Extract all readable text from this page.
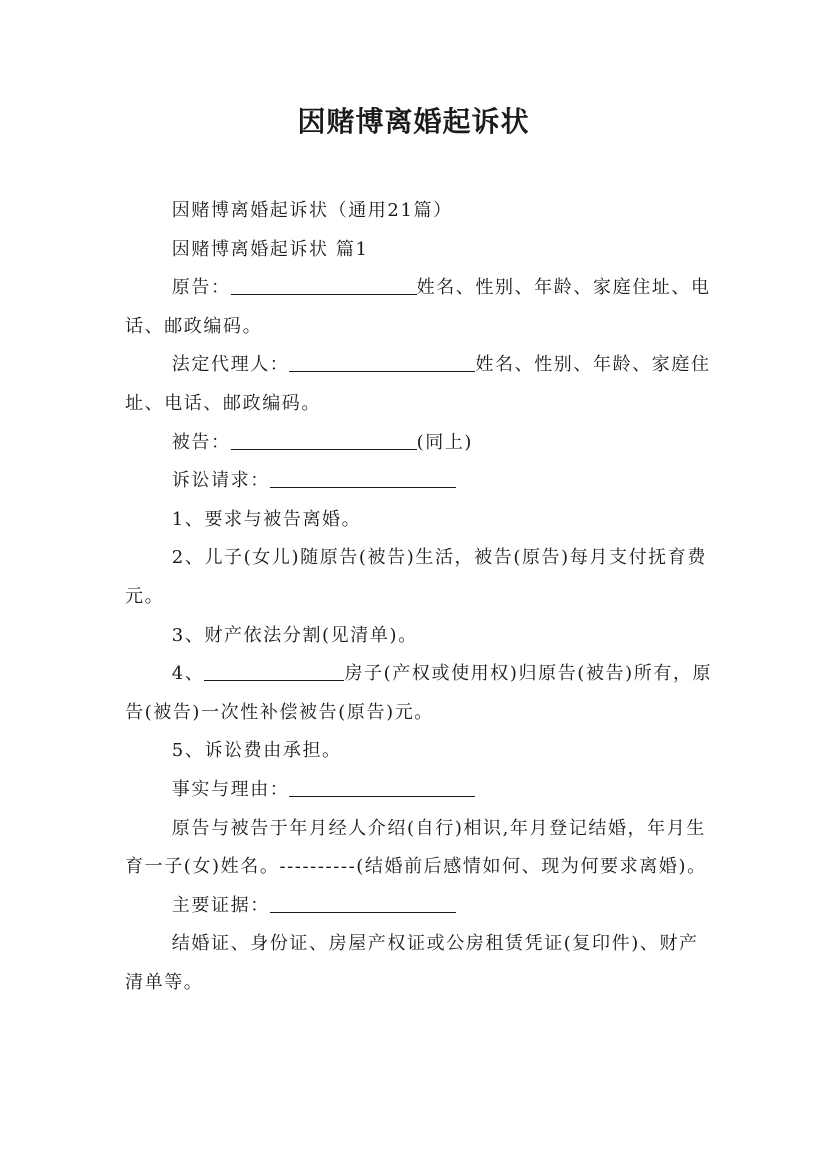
因赌博离婚起诉状

因赌博离婚起诉状（通用21篇）

因赌博离婚起诉状 篇1

原告：	姓名、性别、年龄、家庭住址、电话、邮政编码。

法定代理人：	姓名、性别、年龄、家庭住址、电话、邮政编码。

被告：	(同上)

诉讼请求：

1、要求与被告离婚。

2、儿子(女儿)随原告(被告)生活，被告(原告)每月支付抚育费元。

3、财产依法分割(见清单)。

4、	房子(产权或使用权)归原告(被告)所有，原告(被告)一次性补偿被告(原告)元。

5、诉讼费由承担。

事实与理由：

原告与被告于年月经人介绍(自行)相识,年月登记结婚，年月生育一子(女)姓名。----------(结婚前后感情如何、现为何要求离婚)。

主要证据：

结婚证、身份证、房屋产权证或公房租赁凭证(复印件)、财产清单等。
